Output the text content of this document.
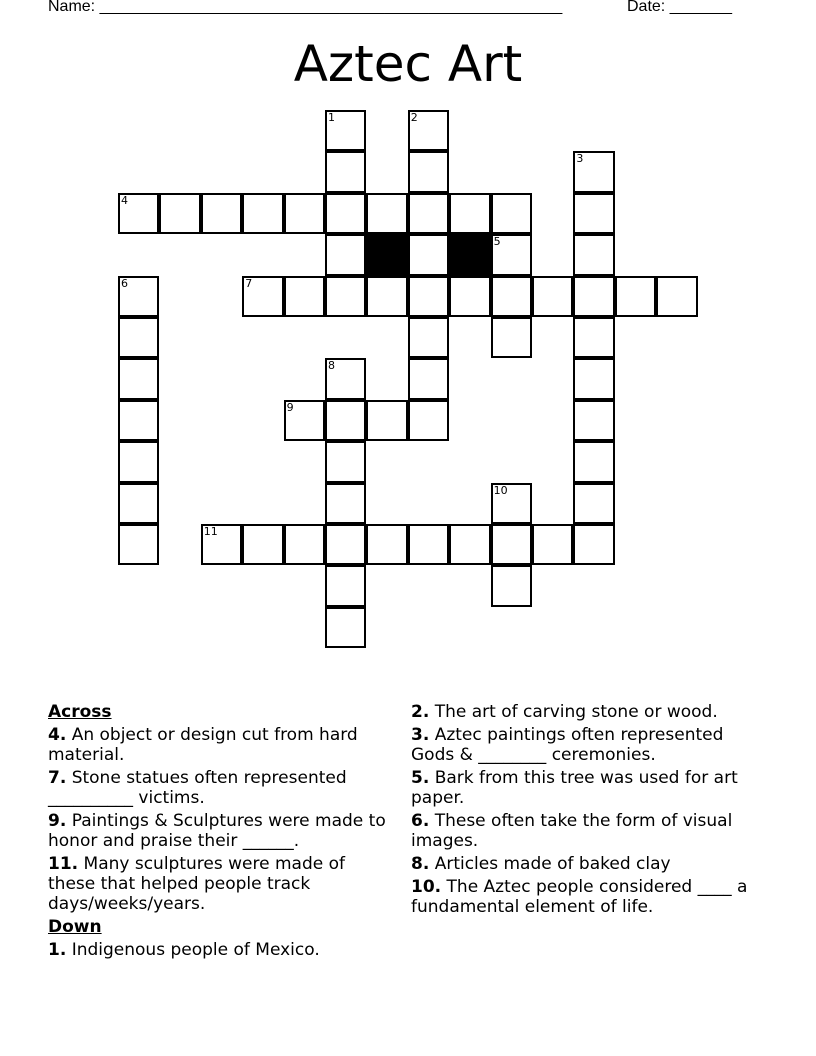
Name: ____________________________________________________	Date: _______
Aztec Art
4
7
9
11
1	2
3
5
6
8
10
Across
4. An object or design cut from hard material.
7. Stone statues often represented __________ victims.
9. Paintings & Sculptures were made to honor and praise their ______.
11. Many sculptures were made of these that helped people track days/weeks/years.
Down
1. Indigenous people of Mexico.
2. The art of carving stone or wood.
3. Aztec paintings often represented Gods & ________ ceremonies.
5. Bark from this tree was used for art paper.
6. These often take the form of visual images.
8. Articles made of baked clay
10. The Aztec people considered ____ a fundamental element of life.
